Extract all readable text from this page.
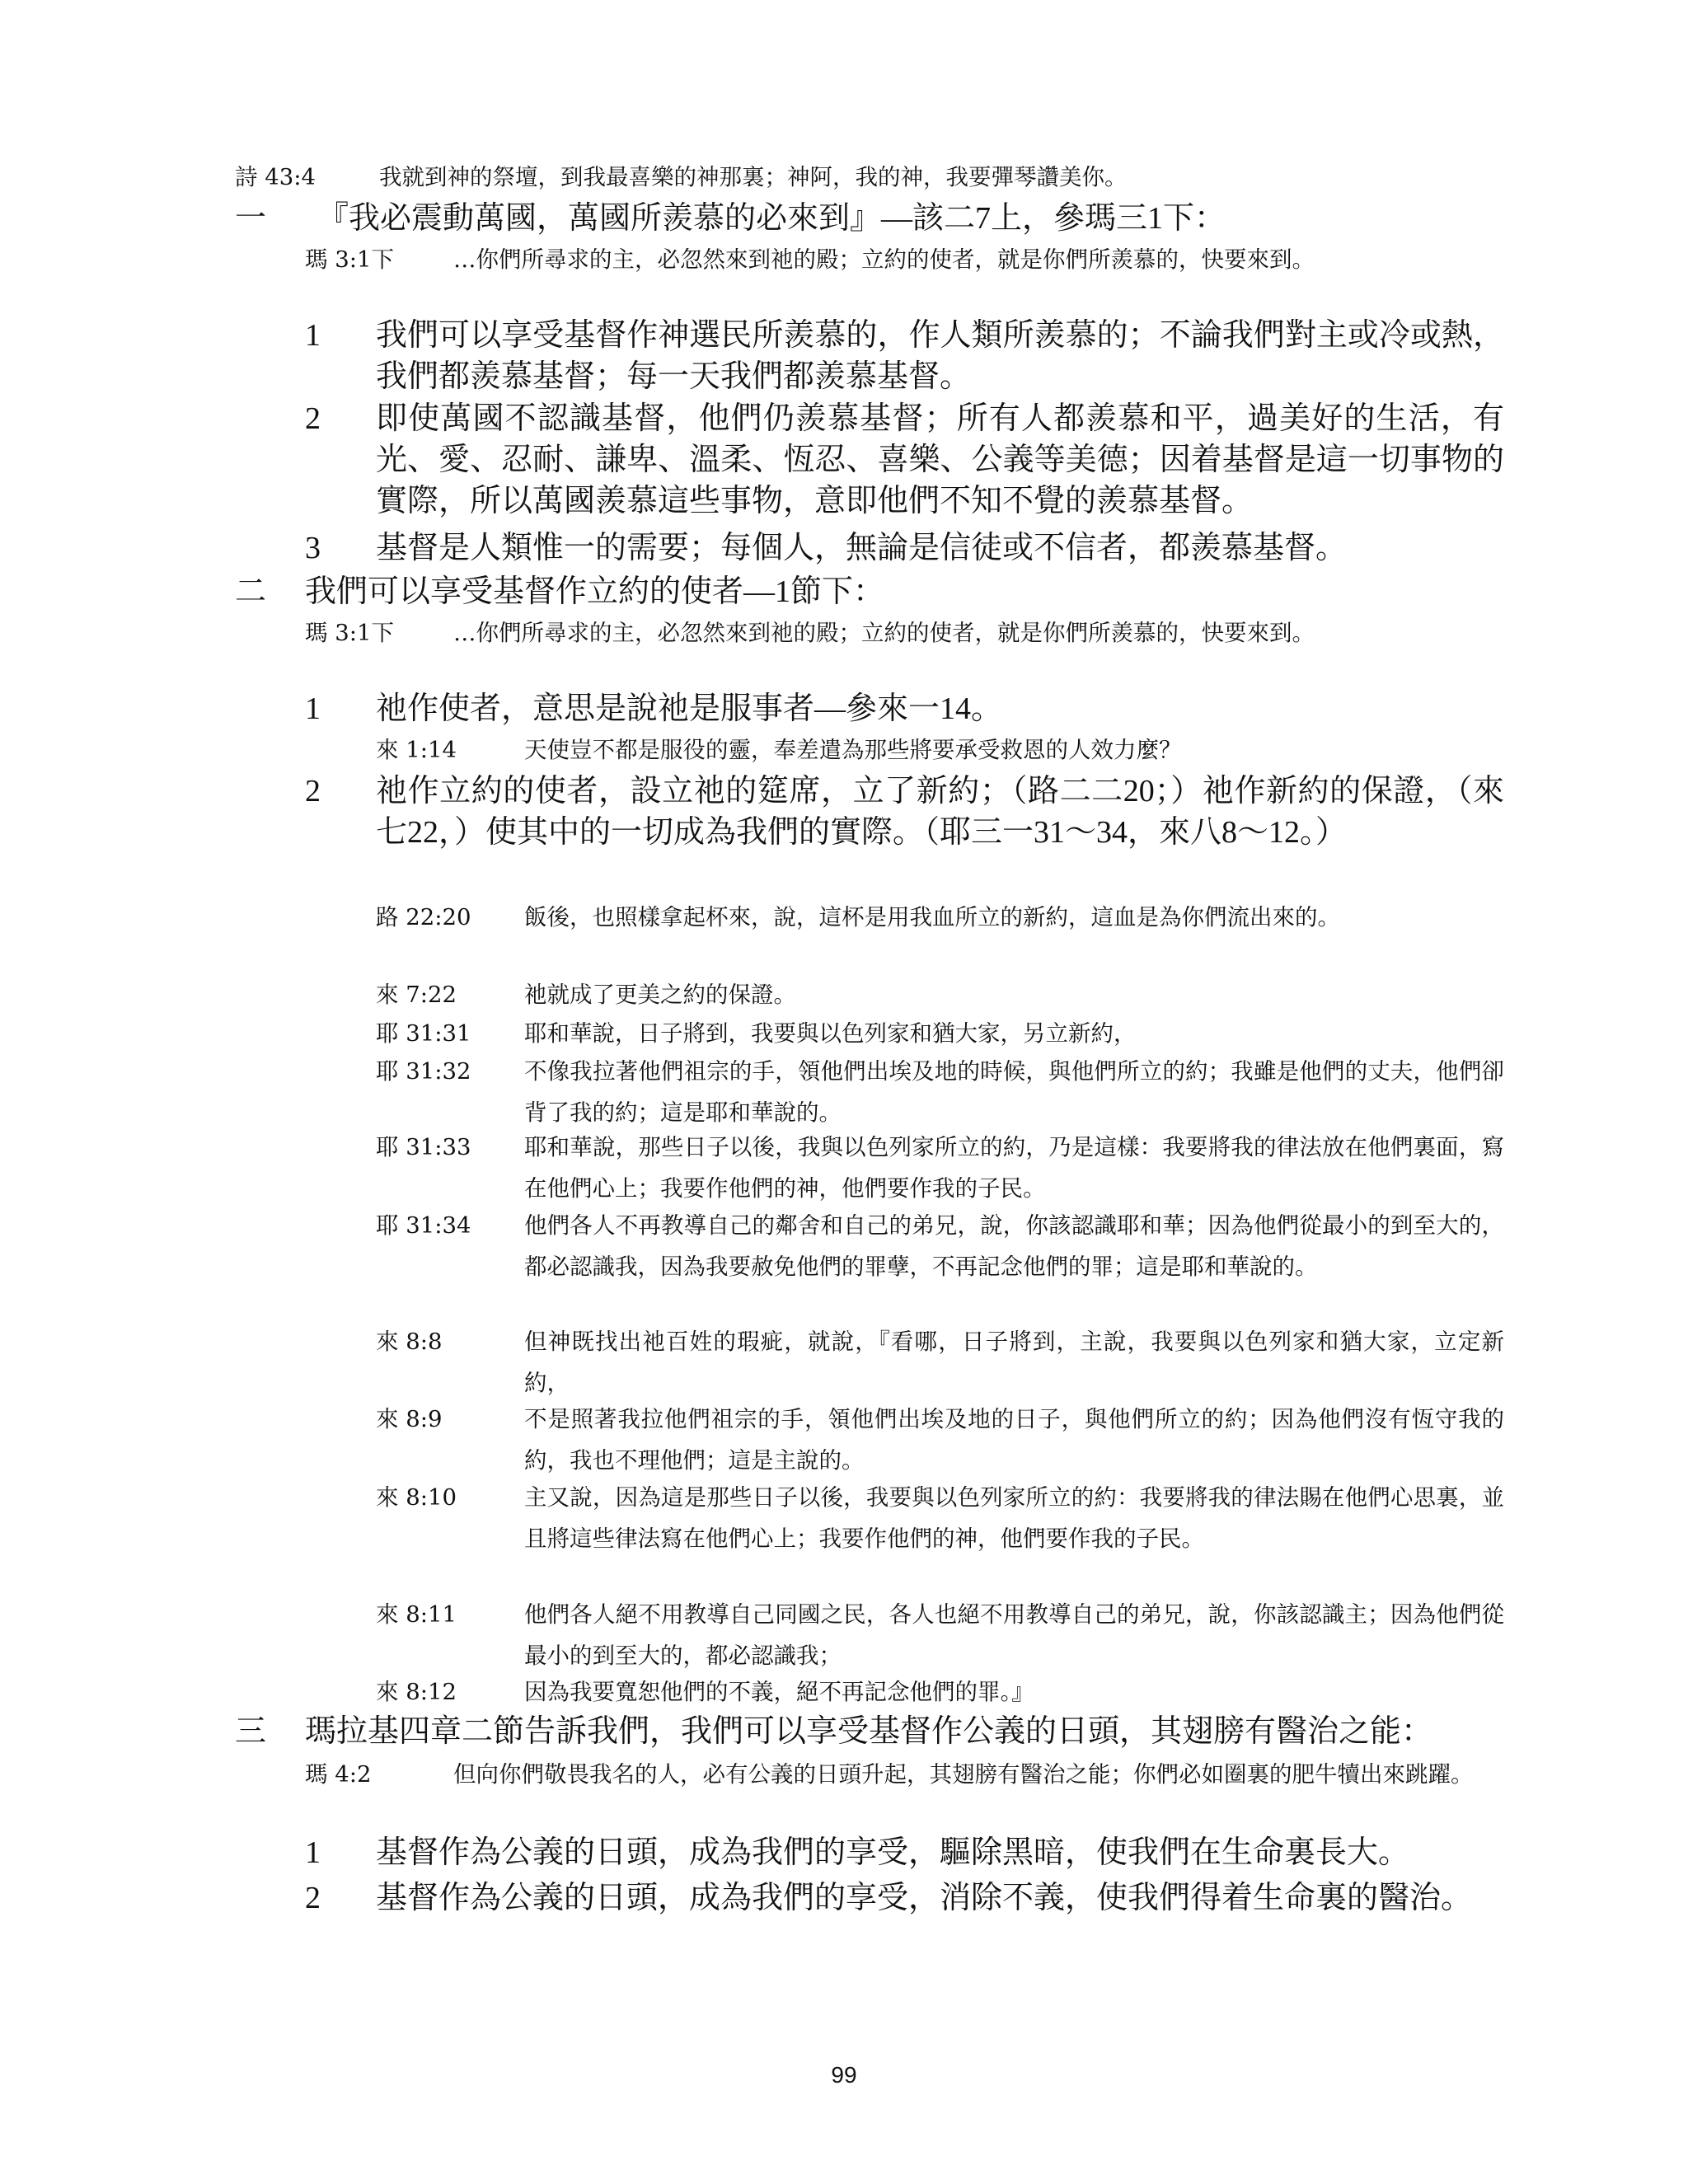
詩 43:4	我就到神的祭壇，到我最喜樂的神那裏；神阿，我的神，我要彈琴讚美你。
一	『我必震動萬國，萬國所羨慕的必來到』—該二7上，參瑪三1下：
瑪 3:1下	…你們所尋求的主，必忽然來到祂的殿；立約的使者，就是你們所羨慕的，快要來到。
1	我們可以享受基督作神選民所羨慕的，作人類所羨慕的；不論我們對主或冷或熱，我們都羨慕基督；每一天我們都羨慕基督。
2	即使萬國不認識基督，他們仍羨慕基督；所有人都羨慕和平，過美好的生活，有光、愛、忍耐、謙卑、溫柔、恆忍、喜樂、公義等美德；因着基督是這一切事物的實際，所以萬國羨慕這些事物，意即他們不知不覺的羨慕基督。
3	基督是人類惟一的需要；每個人，無論是信徒或不信者，都羨慕基督。
二	我們可以享受基督作立約的使者—1節下：
瑪 3:1下	…你們所尋求的主，必忽然來到祂的殿；立約的使者，就是你們所羨慕的，快要來到。
1	祂作使者，意思是說祂是服事者—參來一14。
來 1:14	天使豈不都是服役的靈，奉差遣為那些將要承受救恩的人效力麼？
2	祂作立約的使者，設立祂的筵席，立了新約；（路二二20；）祂作新約的保證，（來七22，）使其中的一切成為我們的實際。（耶三一31～34，來八8～12。）
路 22:20	飯後，也照樣拿起杯來，說，這杯是用我血所立的新約，這血是為你們流出來的。
來 7:22	祂就成了更美之約的保證。
耶 31:31	耶和華說，日子將到，我要與以色列家和猶大家，另立新約，
耶 31:32	不像我拉著他們祖宗的手，領他們出埃及地的時候，與他們所立的約；我雖是他們的丈夫，他們卻背了我的約；這是耶和華說的。
耶 31:33	耶和華說，那些日子以後，我與以色列家所立的約，乃是這樣：我要將我的律法放在他們裏面，寫在他們心上；我要作他們的神，他們要作我的子民。
耶 31:34	他們各人不再教導自己的鄰舍和自己的弟兄，說，你該認識耶和華；因為他們從最小的到至大的，都必認識我，因為我要赦免他們的罪孽，不再記念他們的罪；這是耶和華說的。
來 8:8	但神既找出祂百姓的瑕疵，就說，『看哪，日子將到，主說，我要與以色列家和猶大家，立定新約，
來 8:9	不是照著我拉他們祖宗的手，領他們出埃及地的日子，與他們所立的約；因為他們沒有恆守我的約，我也不理他們；這是主說的。
來 8:10	主又說，因為這是那些日子以後，我要與以色列家所立的約：我要將我的律法賜在他們心思裏，並且將這些律法寫在他們心上；我要作他們的神，他們要作我的子民。
來 8:11	他們各人絕不用教導自己同國之民，各人也絕不用教導自己的弟兄，說，你該認識主；因為他們從最小的到至大的，都必認識我；
來 8:12	因為我要寬恕他們的不義，絕不再記念他們的罪。』
三	瑪拉基四章二節告訴我們，我們可以享受基督作公義的日頭，其翅膀有醫治之能：
瑪 4:2	但向你們敬畏我名的人，必有公義的日頭升起，其翅膀有醫治之能；你們必如圈裏的肥牛犢出來跳躍。
1	基督作為公義的日頭，成為我們的享受，驅除黑暗，使我們在生命裏長大。
2	基督作為公義的日頭，成為我們的享受，消除不義，使我們得着生命裏的醫治。
99
